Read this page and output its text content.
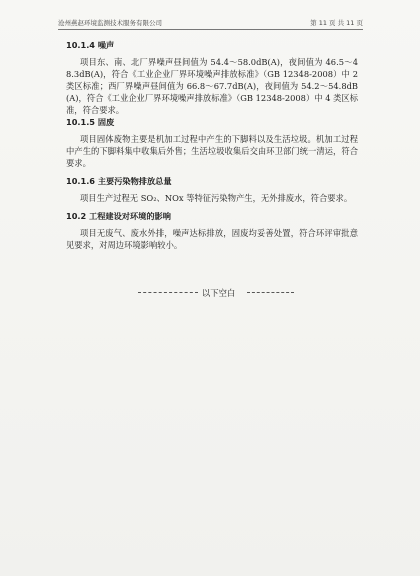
沧州燕赵环境监测技术服务有限公司	第 11 页 共 11 页
10.1.4 噪声

项目东、南、北厂界噪声昼间值为 54.4～58.0dB(A)，夜间值为 46.5～48.3dB(A)，符合《工业企业厂界环境噪声排放标准》（GB 12348-2008）中 2 类区标准；西厂界噪声昼间值为 66.8～67.7dB(A)，夜间值为 54.2～54.8dB(A)，符合《工业企业厂界环境噪声排放标准》（GB 12348-2008）中 4 类区标准，符合要求。

10.1.5 固废

项目固体废物主要是机加工过程中产生的下脚料以及生活垃圾。机加工过程中产生的下脚料集中收集后外售；生活垃圾收集后交由环卫部门统一清运，符合要求。

10.1.6 主要污染物排放总量

项目生产过程无 SO₂、NOx 等特征污染物产生，无外排废水，符合要求。

10.2 工程建设对环境的影响

项目无废气、废水外排，噪声达标排放，固废均妥善处置，符合环评审批意见要求，对周边环境影响较小。

以下空白
